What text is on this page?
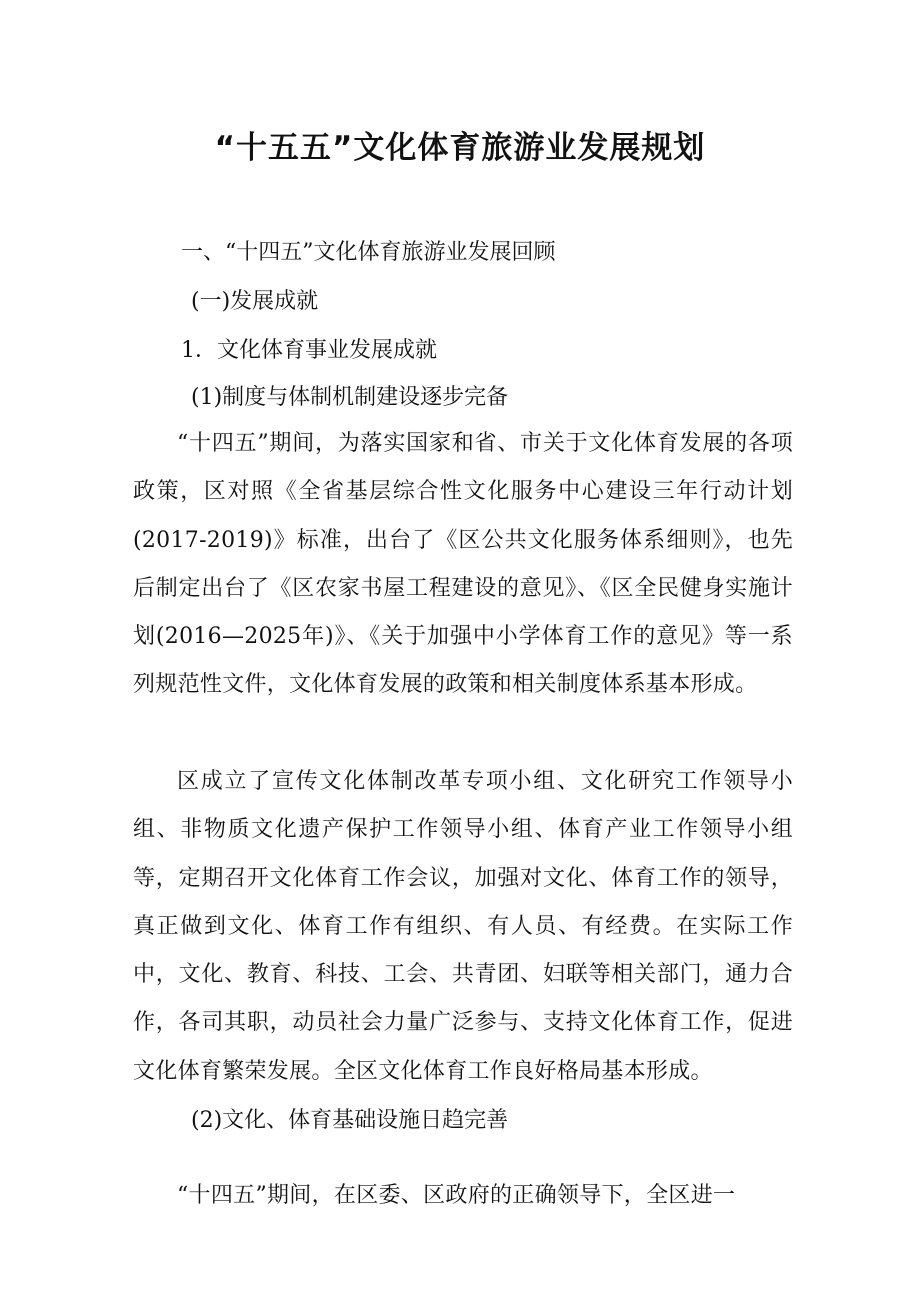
“十五五”文化体育旅游业发展规划

一、“十四五”文化体育旅游业发展回顾

(一)发展成就

1．文化体育事业发展成就

(1)制度与体制机制建设逐步完备

“十四五”期间，为落实国家和省、市关于文化体育发展的各项政策，区对照《全省基层综合性文化服务中心建设三年行动计划(2017-2019)》标准，出台了《区公共文化服务体系细则》，也先后制定出台了《区农家书屋工程建设的意见》、《区全民健身实施计划(2016—2025年)》、《关于加强中小学体育工作的意见》等一系列规范性文件，文化体育发展的政策和相关制度体系基本形成。

区成立了宣传文化体制改革专项小组、文化研究工作领导小组、非物质文化遗产保护工作领导小组、体育产业工作领导小组等，定期召开文化体育工作会议，加强对文化、体育工作的领导，真正做到文化、体育工作有组织、有人员、有经费。在实际工作中，文化、教育、科技、工会、共青团、妇联等相关部门，通力合作，各司其职，动员社会力量广泛参与、支持文化体育工作，促进文化体育繁荣发展。全区文化体育工作良好格局基本形成。

(2)文化、体育基础设施日趋完善

“十四五”期间，在区委、区政府的正确领导下，全区进一
